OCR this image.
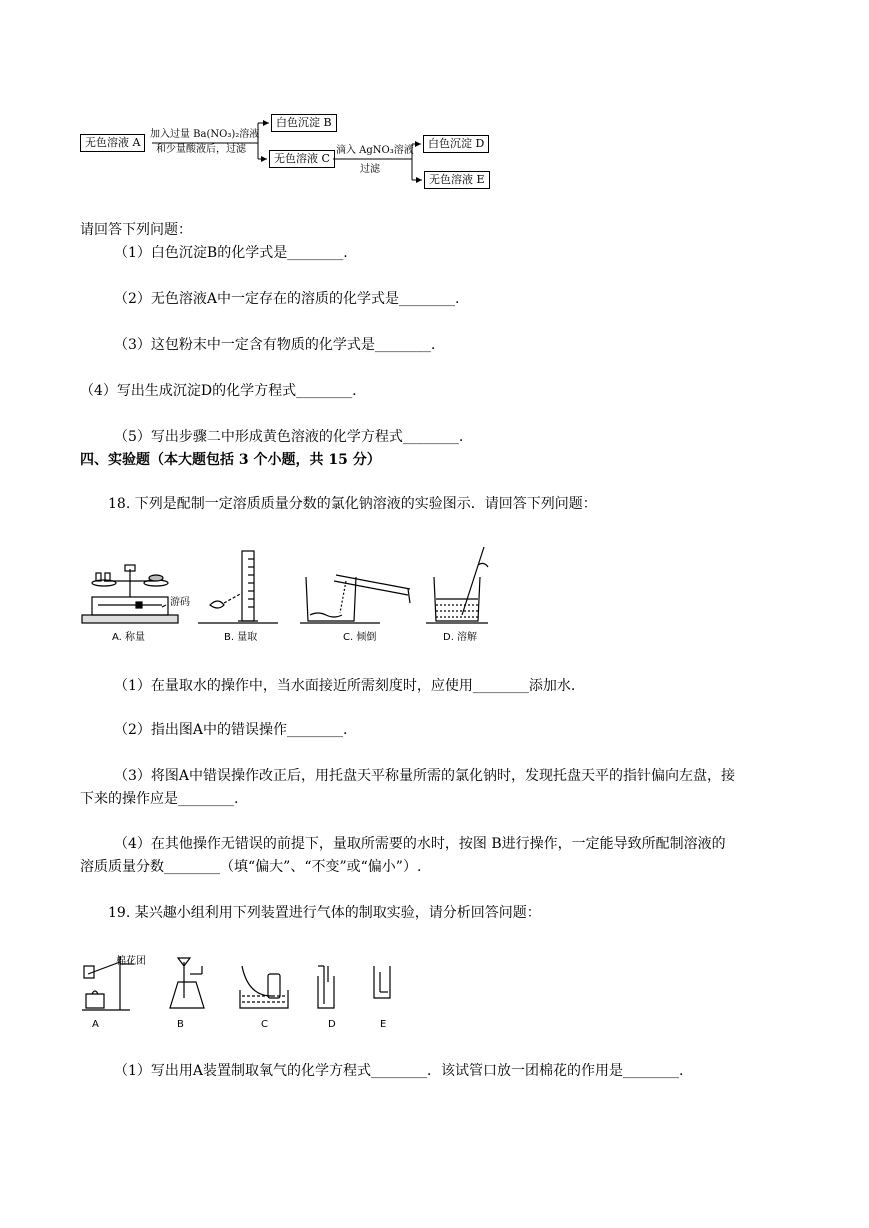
无色溶液 A
加入过量 Ba(NO₃)₂溶液
和少量酸液后，过滤
白色沉淀 B
无色溶液 C
滴入 AgNO₃溶液
过滤
白色沉淀 D
无色溶液 E
请回答下列问题：
（1）白色沉淀B的化学式是________.
（2）无色溶液A中一定存在的溶质的化学式是________.
（3）这包粉末中一定含有物质的化学式是________.
（4）写出生成沉淀D的化学方程式________.
（5）写出步骤二中形成黄色溶液的化学方程式________.
四、实验题（本大题包括 3 个小题，共 15 分）
18. 下列是配制一定溶质质量分数的氯化钠溶液的实验图示．请回答下列问题：
游码
A. 称量	B. 量取	C. 倾倒	D. 溶解
（1）在量取水的操作中，当水面接近所需刻度时，应使用________添加水.
（2）指出图A中的错误操作________.
（3）将图A中错误操作改正后，用托盘天平称量所需的氯化钠时，发现托盘天平的指针偏向左盘，接
下来的操作应是________.
（4）在其他操作无错误的前提下，量取所需要的水时，按图 B进行操作，一定能导致所配制溶液的
溶质质量分数________（填“偏大”、“不变”或“偏小”）.
19. 某兴趣小组利用下列装置进行气体的制取实验，请分析回答问题：
棉花团
A	B	C	D	E
（1）写出用A装置制取氧气的化学方程式________．该试管口放一团棉花的作用是________.
